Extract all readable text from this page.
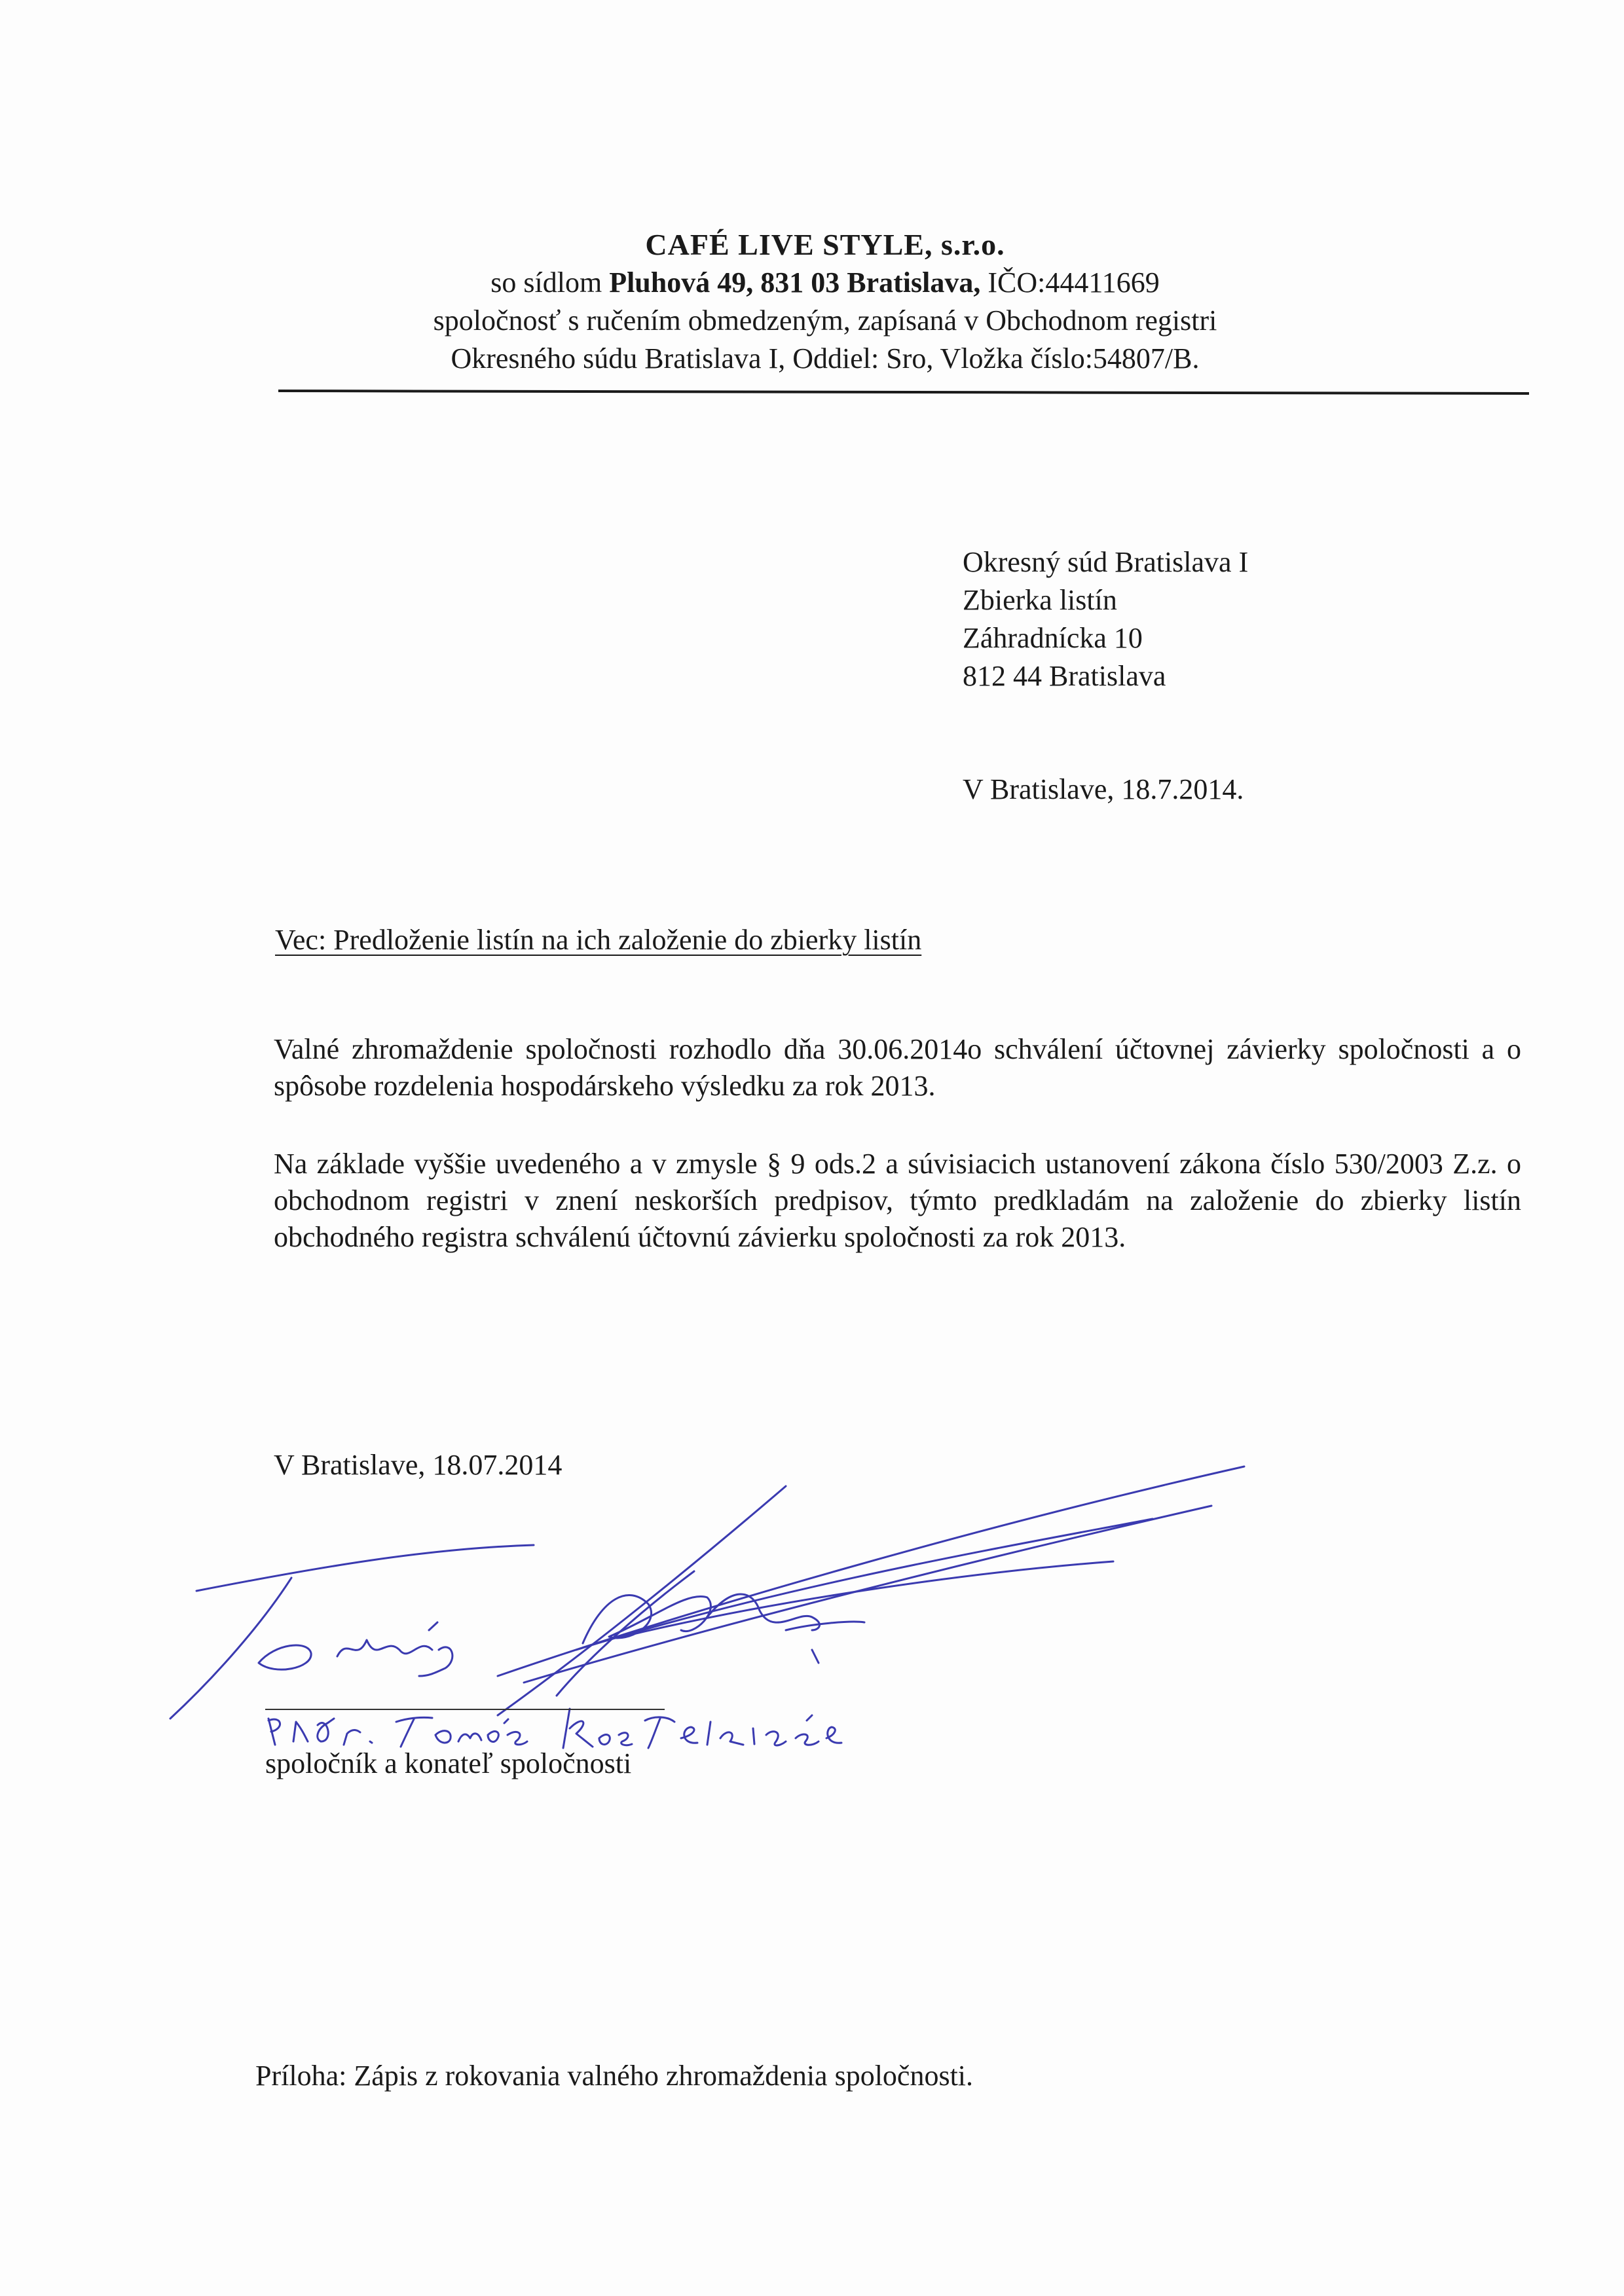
CAFÉ LIVE STYLE, s.r.o.
so sídlom Pluhová 49, 831 03 Bratislava, IČO:44411669
spoločnosť s ručením obmedzeným, zapísaná v Obchodnom registri
Okresného súdu Bratislava I, Oddiel: Sro, Vložka číslo:54807/B.
Okresný súd Bratislava I
Zbierka listín
Záhradnícka 10
812 44 Bratislava
V Bratislave, 18.7.2014.
Vec: Predloženie listín na ich založenie do zbierky listín
Valné zhromaždenie spoločnosti rozhodlo dňa 30.06.2014o schválení účtovnej závierky spoločnosti a o spôsobe rozdelenia hospodárskeho výsledku za rok 2013.
Na základe vyššie uvedeného a v zmysle § 9 ods.2 a súvisiacich ustanovení zákona číslo 530/2003 Z.z. o obchodnom registri v znení neskorších predpisov, týmto predkladám na založenie do zbierky listín obchodného registra schválenú účtovnú závierku spoločnosti za rok 2013.
V Bratislave, 18.07.2014
spoločník a konateľ spoločnosti
Príloha: Zápis z rokovania valného zhromaždenia spoločnosti.
